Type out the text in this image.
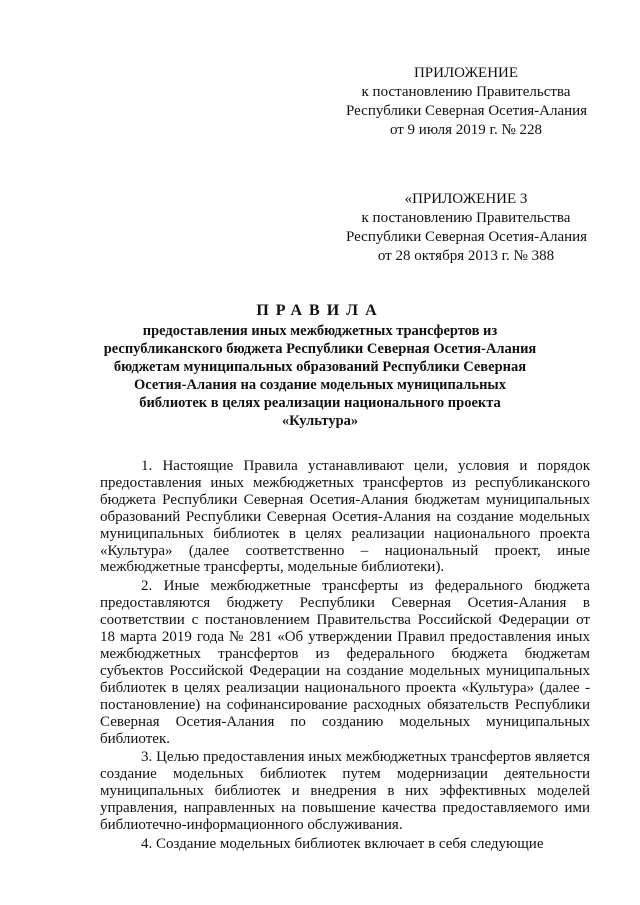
ПРИЛОЖЕНИЕ
к постановлению Правительства
Республики Северная Осетия-Алания
от 9 июля 2019 г. № 228
«ПРИЛОЖЕНИЕ 3
к постановлению Правительства
Республики Северная Осетия-Алания
от 28 октября 2013 г. № 388
ПРАВИЛА
предоставления иных межбюджетных трансфертов из
республиканского бюджета Республики Северная Осетия-Алания
бюджетам муниципальных образований Республики Северная
Осетия-Алания на создание модельных муниципальных
библиотек в целях реализации национального проекта
«Культура»

1. Настоящие Правила устанавливают цели, условия и порядок предоставления иных межбюджетных трансфертов из республиканского бюджета Республики Северная Осетия-Алания бюджетам муниципальных образований Республики Северная Осетия-Алания на создание модельных муниципальных библиотек в целях реализации национального проекта «Культура» (далее соответственно – национальный проект, иные межбюджетные трансферты, модельные библиотеки).

2. Иные межбюджетные трансферты из федерального бюджета предоставляются бюджету Республики Северная Осетия-Алания в соответствии с постановлением Правительства Российской Федерации от 18 марта 2019 года № 281 «Об утверждении Правил предоставления иных межбюджетных трансфертов из федерального бюджета бюджетам субъектов Российской Федерации на создание модельных муниципальных библиотек в целях реализации национального проекта «Культура» (далее - постановление) на софинансирование расходных обязательств Республики Северная Осетия-Алания по созданию модельных муниципальных библиотек.

3. Целью предоставления иных межбюджетных трансфертов является создание модельных библиотек путем модернизации деятельности муниципальных библиотек и внедрения в них эффективных моделей управления, направленных на повышение качества предоставляемого ими библиотечно-информационного обслуживания.

4. Создание модельных библиотек включает в себя следующие
